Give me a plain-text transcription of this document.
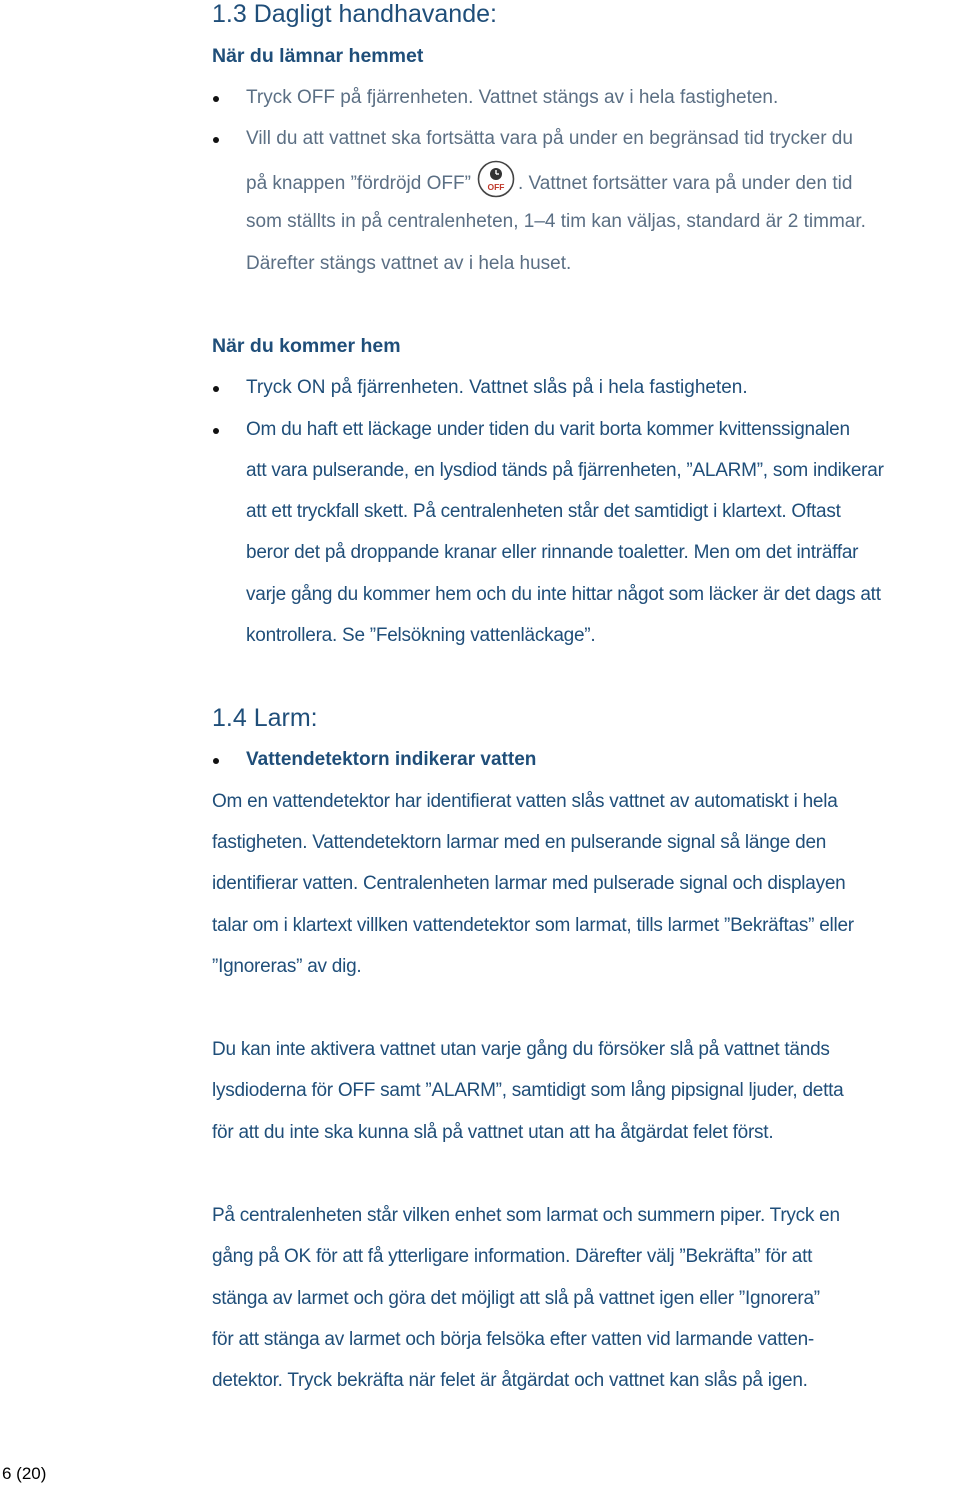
1.3 Dagligt handhavande:
När du lämnar hemmet

Tryck OFF på fjärrenheten. Vattnet stängs av i hela fastigheten.

Vill du att vattnet ska fortsätta vara på under en begränsad tid trycker du

på knappen ”fördröjd OFF” OFF . Vattnet fortsätter vara på under den tid

som ställts in på centralenheten, 1–4 tim kan väljas, standard är 2 timmar.

Därefter stängs vattnet av i hela huset.

När du kommer hem

Tryck ON på fjärrenheten. Vattnet slås på i hela fastigheten.

Om du haft ett läckage under tiden du varit borta kommer kvittenssignalen

att vara pulserande, en lysdiod tänds på fjärrenheten, ”ALARM”, som indikerar

att ett tryckfall skett. På centralenheten står det samtidigt i klartext. Oftast

beror det på droppande kranar eller rinnande toaletter. Men om det inträffar

varje gång du kommer hem och du inte hittar något som läcker är det dags att

kontrollera. Se ”Felsökning vattenläckage”.

1.4 Larm:

Vattendetektorn indikerar vatten

Om en vattendetektor har identifierat vatten slås vattnet av automatiskt i hela

fastigheten. Vattendetektorn larmar med en pulserande signal så länge den

identifierar vatten. Centralenheten larmar med pulserade signal och displayen

talar om i klartext villken vattendetektor som larmat, tills larmet ”Bekräftas” eller

”Ignoreras” av dig.

Du kan inte aktivera vattnet utan varje gång du försöker slå på vattnet tänds

lysdioderna för OFF samt ”ALARM”, samtidigt som lång pipsignal ljuder, detta

för att du inte ska kunna slå på vattnet utan att ha åtgärdat felet först.

På centralenheten står vilken enhet som larmat och summern piper. Tryck en

gång på OK för att få ytterligare information. Därefter välj ”Bekräfta” för att

stänga av larmet och göra det möjligt att slå på vattnet igen eller ”Ignorera”

för att stänga av larmet och börja felsöka efter vatten vid larmande vatten-

detektor. Tryck bekräfta när felet är åtgärdat och vattnet kan slås på igen.

6 (20)
